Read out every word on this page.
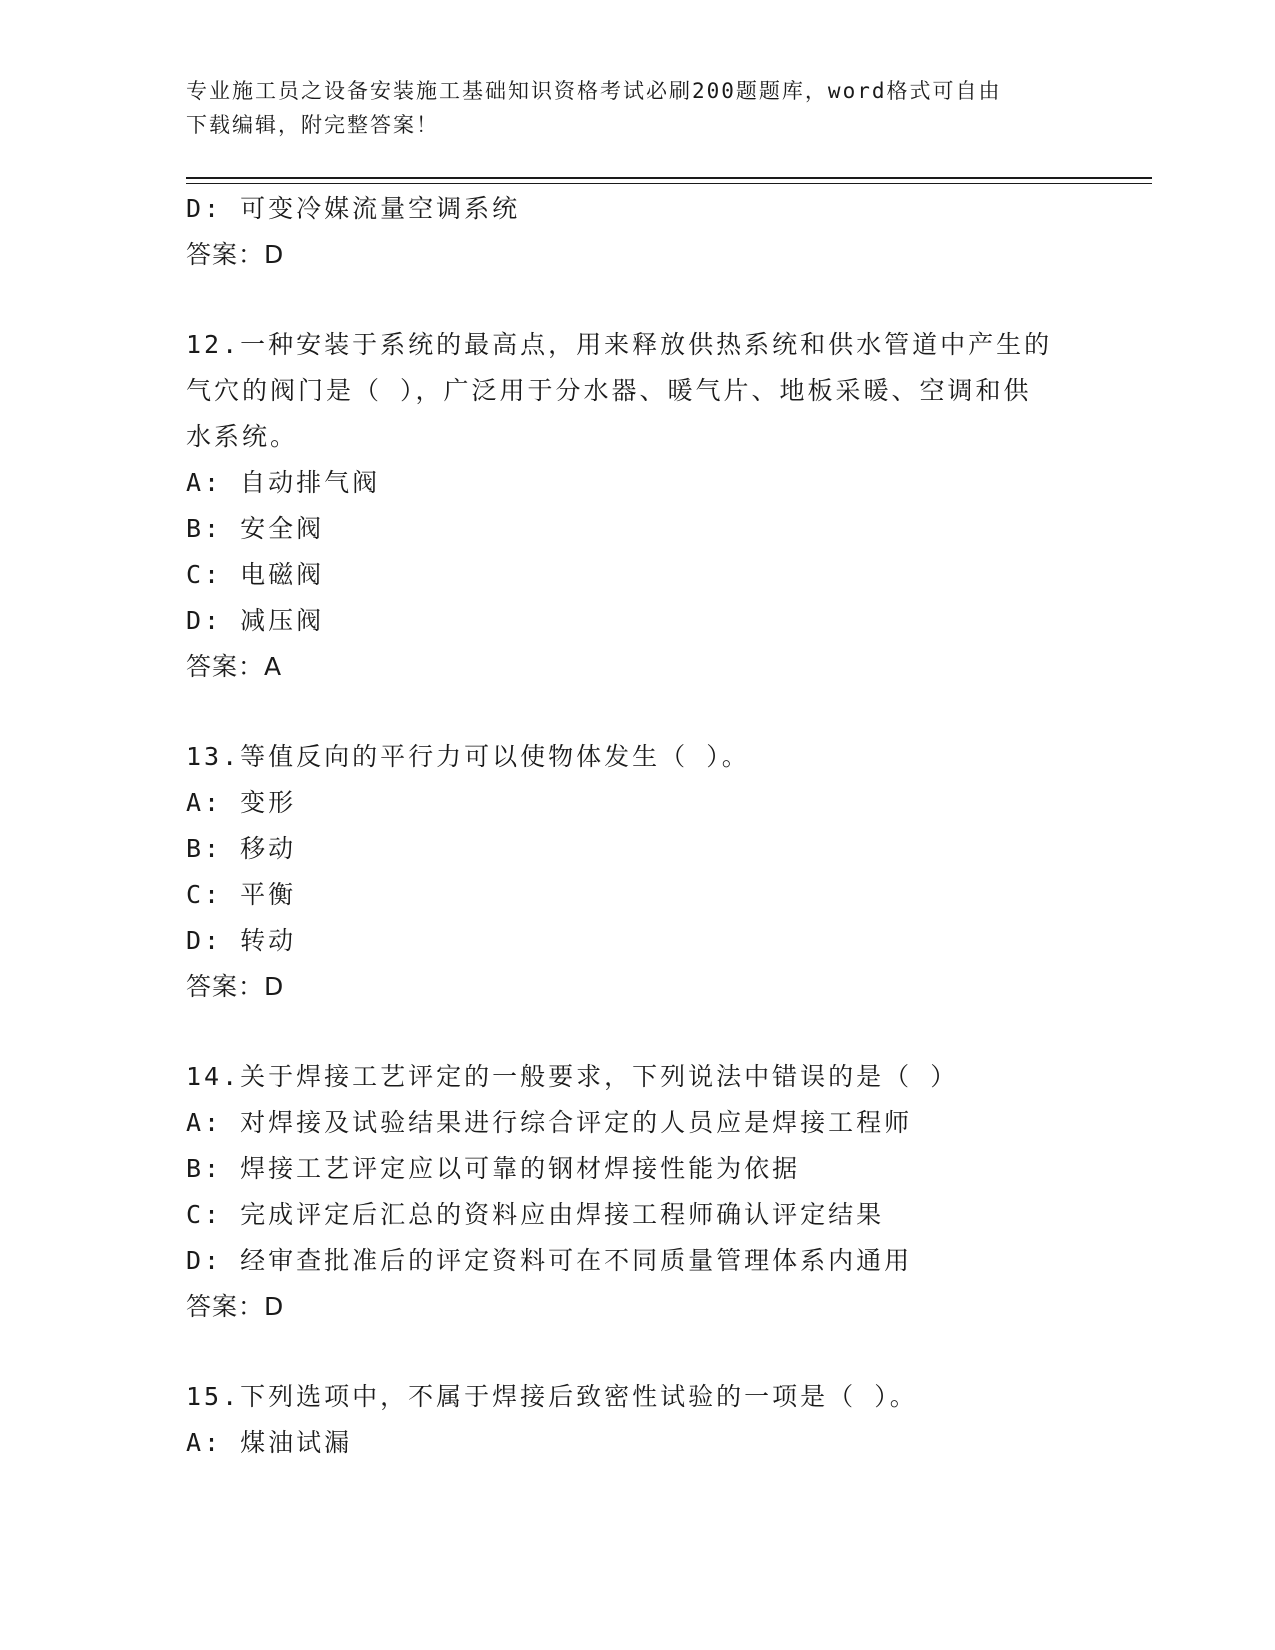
专业施工员之设备安装施工基础知识资格考试必刷200题题库，word格式可自由
下载编辑，附完整答案！
D: 可变冷媒流量空调系统
答案：D
12.一种安装于系统的最高点，用来释放供热系统和供水管道中产生的
气穴的阀门是（ ），广泛用于分水器、暖气片、地板采暖、空调和供
水系统。
A: 自动排气阀
B: 安全阀
C: 电磁阀
D: 减压阀
答案：A
13.等值反向的平行力可以使物体发生（ ）。
A: 变形
B: 移动
C: 平衡
D: 转动
答案：D
14.关于焊接工艺评定的一般要求，下列说法中错误的是（ ）
A: 对焊接及试验结果进行综合评定的人员应是焊接工程师
B: 焊接工艺评定应以可靠的钢材焊接性能为依据
C: 完成评定后汇总的资料应由焊接工程师确认评定结果
D: 经审查批准后的评定资料可在不同质量管理体系内通用
答案：D
15.下列选项中，不属于焊接后致密性试验的一项是（ ）。
A: 煤油试漏
